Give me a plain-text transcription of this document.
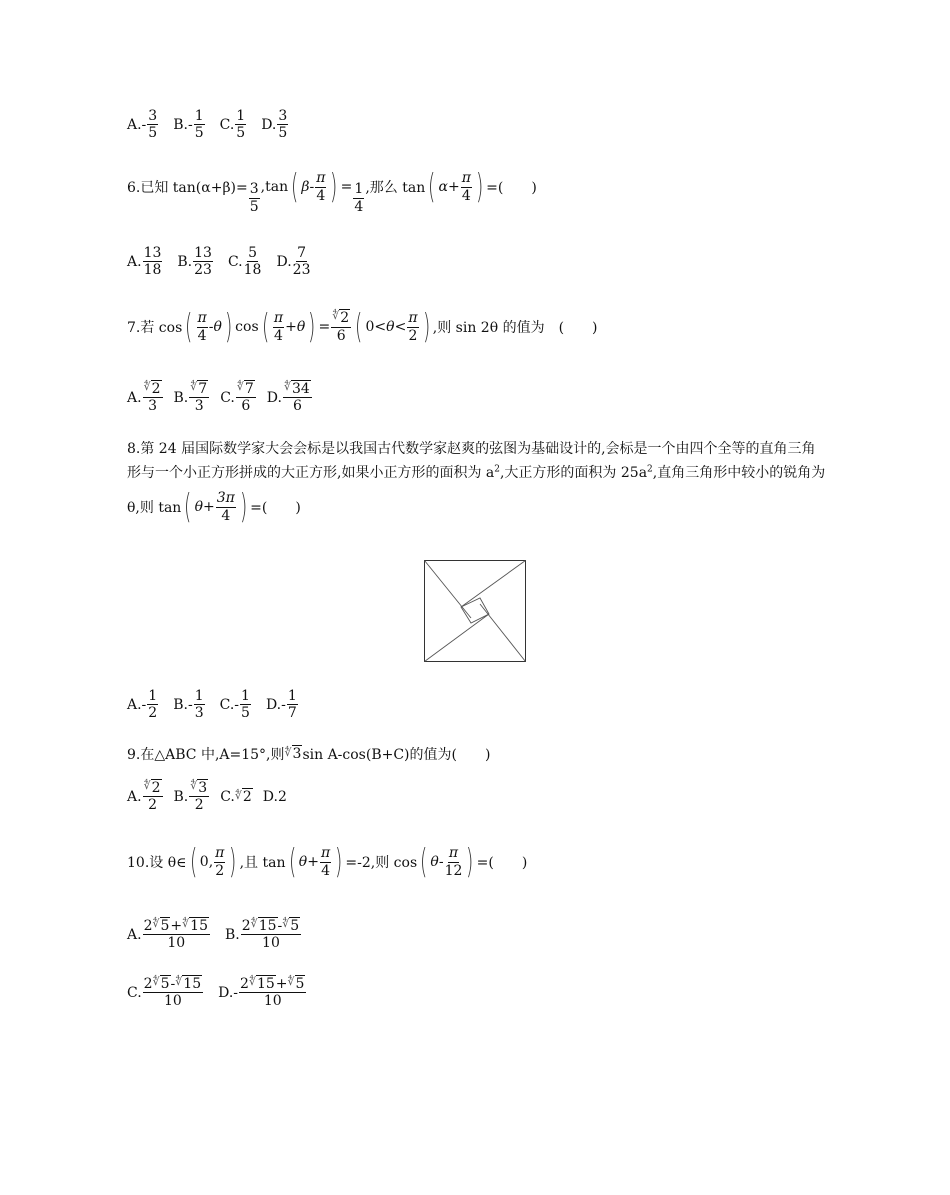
$A.- \frac{3}{5} B.- \frac{1}{5} C$. $\frac{1}{5} D$. $\frac{3}{5}$
6.已知 $\tan(\alpha+\beta)= \frac{3}{5} ,\tan$ ( β - $\frac{\pi}{4}$ ) = $\frac{1}{4}$ ,那么 tan ( $\alpha + \frac{\pi}{4}$ ) =(　　)
A. $\frac{13}{18} B$. $\frac{13}{23} C$. $\frac{5}{18} D$. $\frac{7}{23}$
7.若 cos ( $\frac{\pi}{4}$ - θ ) cos ( $\frac{\pi}{4} + \theta$ ) = $\frac{^∜2}{6}$ ( $0 < \theta < \frac{\pi}{2}$ ) ,则 sin 2θ 的值为　(　　)
A. $\frac{^∜2}{3} B$. $\frac{^∜7}{3} C$. $\frac{^∜7}{6} D$. $\frac{^∜34}{6}$
8.第 24 届国际数学家大会会标是以我国古代数学家赵爽的弦图为基础设计的,会标是一个由四个全等的直角三角
形与一个小正方形拼成的大正方形,如果小正方形的面积为 $a^2$,大正方形的面积为 $25a^2$,直角三角形中较小的锐角为
θ,则 tan ( $\theta + \frac{3\pi}{4}$ ) =(　　)
$A.- \frac{1}{2} B.- \frac{1}{3} C.- \frac{1}{5} D.- \frac{1}{7}$
9.在△ABC 中,A=15°,则 ∜3 sin A-cos(B+C)的值为(　　)
A. $\frac{^∜2}{2} B$. $\frac{^∜3}{2} C$. ∜2 D. 2
10.设 θ∈ ( 0, $\frac{\pi}{2}$ ) ,且 tan ( $\theta + \frac{\pi}{4}$ ) =-2,则 cos ( θ - $\frac{\pi}{12}$ ) =(　　)
A. $\frac{2^∜5+^∜15}{10} B$. $\frac{2^∜15-^∜5}{10}$
C. $\frac{2^∜5-^∜15}{10} D.- \frac{2^∜15+^∜5}{10}$
